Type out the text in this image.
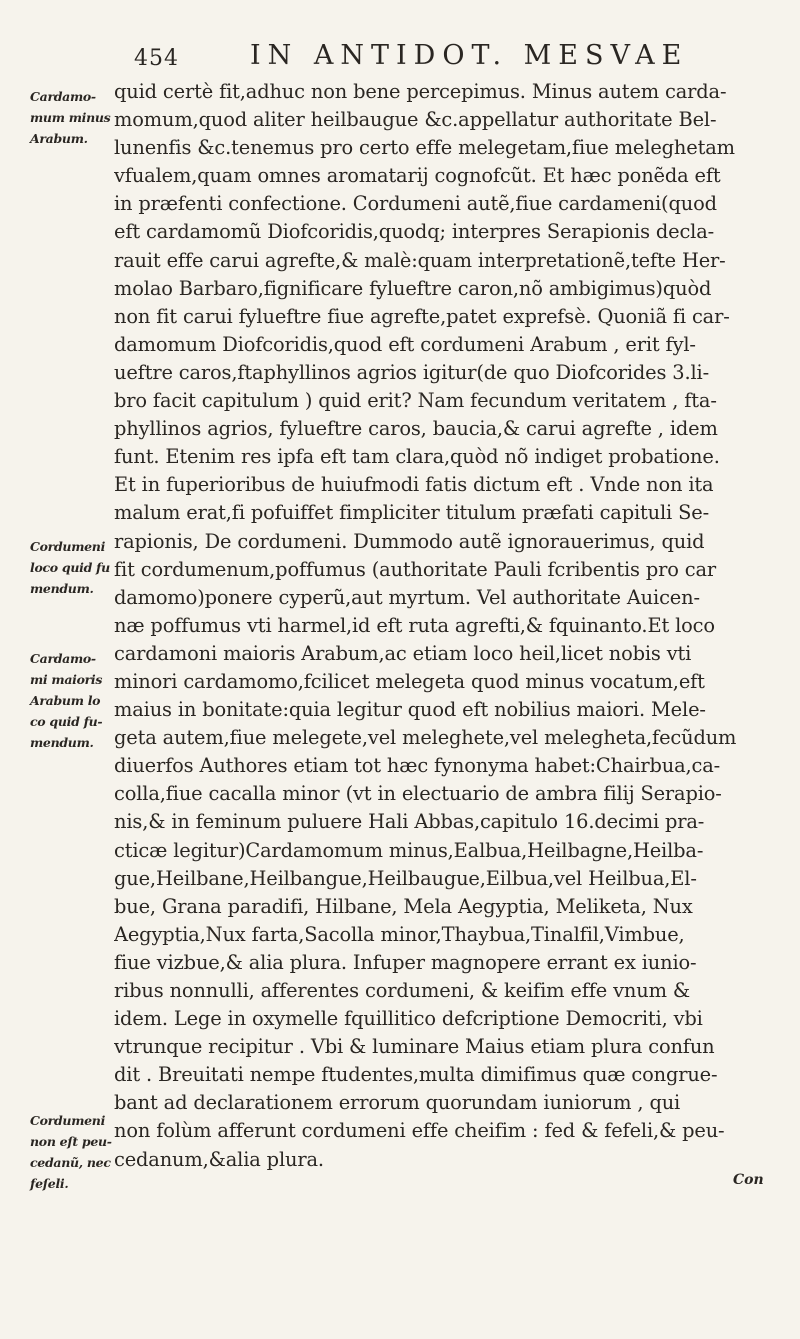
454	IN ANTIDOT. MESVAE
Cardamo-
mum minus
Arabum.
Cordumeni
loco quid fu
mendum.
Cardamo-
mi maioris
Arabum lo
co quid fu-
mendum.
Cordumeni
non eſt peu-
cedanũ, nec
feſeli.
quid certè fit,adhuc non bene percepimus. Minus autem carda-
momum,quod aliter heilbaugue &c.appellatur authoritate Bel-
lunenfis &c.tenemus pro certo effe melegetam,fiue meleghetam
vfualem,quam omnes aromatarij cognofcũt. Et hæc ponẽda eft
in præfenti confectione. Cordumeni autẽ,fiue cardameni(quod
eft cardamomũ Diofcoridis,quodq; interpres Serapionis decla-
rauit effe carui agrefte,& malè:quam interpretationẽ,tefte Her-
molao Barbaro,fignificare fylueftre caron,nõ ambigimus)quòd
non fit carui fylueftre fiue agrefte,patet exprefsè. Quoniã fi car-
damomum Diofcoridis,quod eft cordumeni Arabum , erit fyl-
ueftre caros,ftaphyllinos agrios igitur(de quo Diofcorides 3.li-
bro facit capitulum ) quid erit? Nam fecundum veritatem , fta-
phyllinos agrios, fylueftre caros, baucia,& carui agrefte , idem
funt. Etenim res ipfa eft tam clara,quòd nõ indiget probatione.
Et in fuperioribus de huiufmodi fatis dictum eft . Vnde non ita
malum erat,fi pofuiffet fimpliciter titulum præfati capituli Se-
rapionis, De cordumeni. Dummodo autẽ ignorauerimus, quid
fit cordumenum,poffumus (authoritate Pauli fcribentis pro car
damomo)ponere cyperũ,aut myrtum. Vel authoritate Auicen-
næ poffumus vti harmel,id eft ruta agrefti,& fquinanto.Et loco
cardamoni maioris Arabum,ac etiam loco heil,licet nobis vti
minori cardamomo,fcilicet melegeta quod minus vocatum,eft
maius in bonitate:quia legitur quod eft nobilius maiori. Mele-
geta autem,fiue melegete,vel meleghete,vel melegheta,fecũdum
diuerfos Authores etiam tot hæc fynonyma habet:Chairbua,ca-
colla,fiue cacalla minor (vt in electuario de ambra filij Serapio-
nis,& in feminum puluere Hali Abbas,capitulo 16.decimi pra-
cticæ legitur)Cardamomum minus,Ealbua,Heilbagne,Heilba-
gue,Heilbane,Heilbangue,Heilbaugue,Eilbua,vel Heilbua,El-
bue, Grana paradifi, Hilbane, Mela Aegyptia, Meliketa, Nux
Aegyptia,Nux farta,Sacolla minor,Thaybua,Tinalfil,Vimbue,
fiue vizbue,& alia plura. Infuper magnopere errant ex iunio-
ribus nonnulli, afferentes cordumeni, & keifim effe vnum &
idem. Lege in oxymelle fquillitico defcriptione Democriti, vbi
vtrunque recipitur . Vbi & luminare Maius etiam plura confun
dit . Breuitati nempe ftudentes,multa dimifimus quæ congrue-
bant ad declarationem errorum quorundam iuniorum , qui
non folùm afferunt cordumeni effe cheifim : fed & fefeli,& peu-
cedanum,&alia plura.
Con
